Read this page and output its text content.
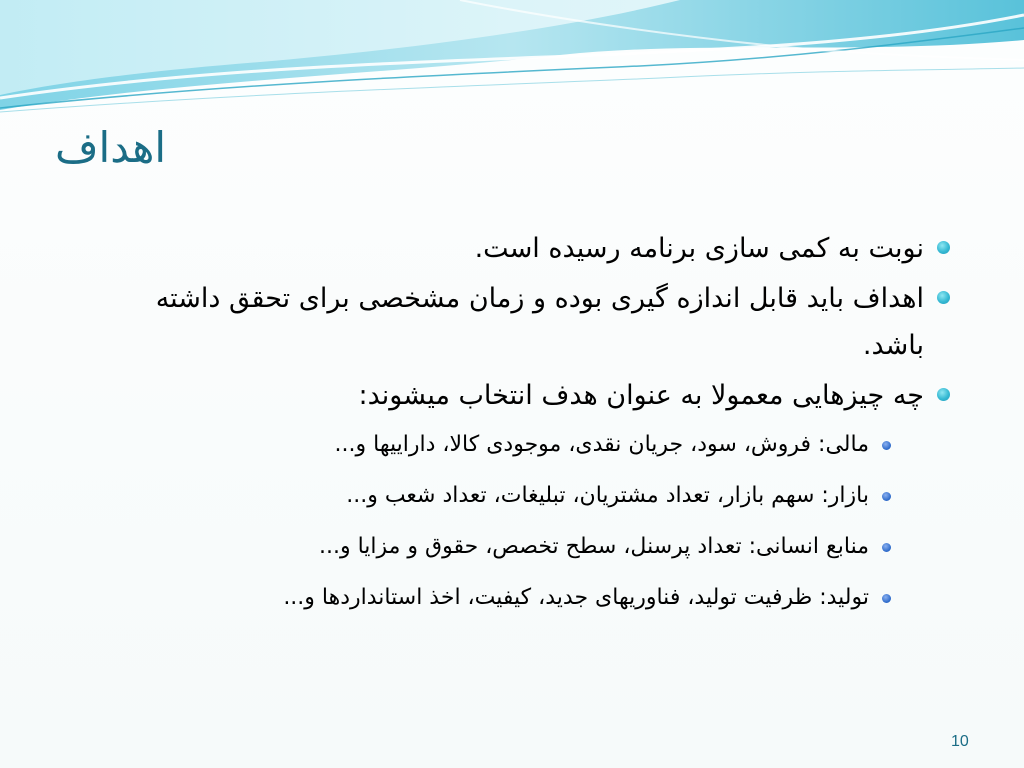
اهداف
نوبت به کمی سازی برنامه رسیده است.
اهداف باید قابل اندازه گیری بوده و زمان مشخصی برای تحقق داشته باشد.
چه چیزهایی معمولا به عنوان هدف انتخاب میشوند:
مالی: فروش، سود، جریان نقدی، موجودی کالا، داراییها و...
بازار: سهم بازار، تعداد مشتریان، تبلیغات، تعداد شعب و...
منابع انسانی: تعداد پرسنل، سطح تخصص، حقوق و مزایا و...
تولید: ظرفیت تولید، فناوریهای جدید، کیفیت، اخذ استانداردها و...
10
